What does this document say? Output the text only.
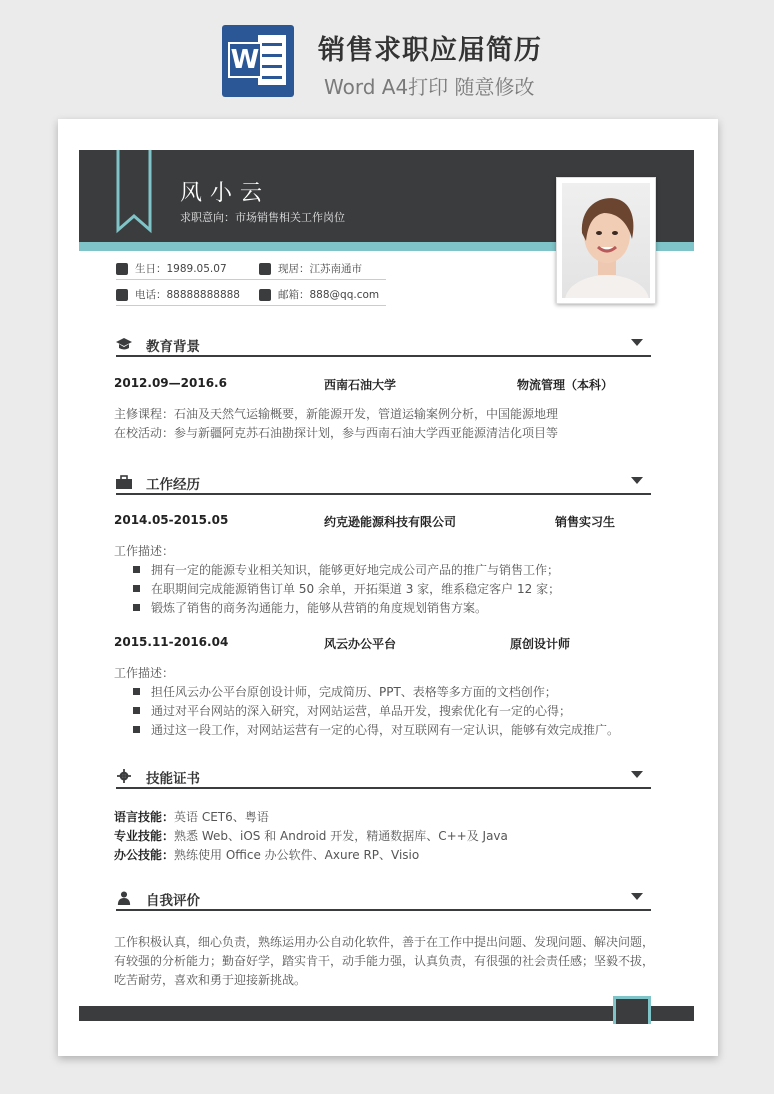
W 销售求职应届简历
Word A4打印 随意修改
风小云
求职意向：市场销售相关工作岗位
生日：1989.05.07	现居：江苏南通市
电话：88888888888	邮箱：888@qq.com
教育背景
2012.09—2016.6	西南石油大学	物流管理（本科）
主修课程：石油及天然气运输概要，新能源开发，管道运输案例分析，中国能源地理
在校活动：参与新疆阿克苏石油勘探计划，参与西南石油大学西亚能源清洁化项目等
工作经历
2014.05-2015.05	约克逊能源科技有限公司	销售实习生
工作描述：
拥有一定的能源专业相关知识，能够更好地完成公司产品的推广与销售工作；
在职期间完成能源销售订单 50 余单，开拓渠道 3 家，维系稳定客户 12 家；
锻炼了销售的商务沟通能力，能够从营销的角度规划销售方案。
2015.11-2016.04	风云办公平台	原创设计师
工作描述：
担任风云办公平台原创设计师，完成简历、PPT、表格等多方面的文档创作；
通过对平台网站的深入研究，对网站运营，单品开发，搜索优化有一定的心得；
通过这一段工作，对网站运营有一定的心得，对互联网有一定认识，能够有效完成推广。
技能证书
语言技能：英语 CET6、粤语
专业技能：熟悉 Web、iOS 和 Android 开发，精通数据库、C++及 Java
办公技能：熟练使用 Office 办公软件、Axure RP、Visio
自我评价
工作积极认真，细心负责，熟练运用办公自动化软件，善于在工作中提出问题、发现问题、解决问题，
有较强的分析能力；勤奋好学，踏实肯干，动手能力强，认真负责，有很强的社会责任感；坚毅不拔，
吃苦耐劳，喜欢和勇于迎接新挑战。
